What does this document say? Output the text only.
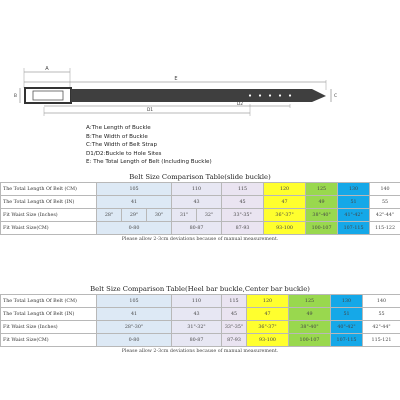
A
E
B	C
D1
D2
A:The Length of Buckle
B:The Width of Buckle
C:The Width of Belt Strap
D1/D2:Buckle to Hole Sites
E: The Total Length of Belt (Including Buckle)
Belt Size Comparison Table(slide buckle)
The Total Length Of Belt (CM)	105			110		115	120	125	130	140
The Total Length Of Belt (IN)	41			43		45	47	49	51	55
Fit Waist Size (Inches)	28"	29"	30"	31"	32"	33"-35"	36"-37"	38"-40"	41"-42"	42"-44"
Fit Waist Size(CM)	0-80			80-87		87-93	93-100	100-107	107-115	115-122
Please allow 2-3cm deviations because of manual measurement.
Belt Size Comparison Table(Heel bar buckle,Center bar buckle)
The Total Length Of Belt (CM)	105	110	115	120	125	130	140
The Total Length Of Belt (IN)	41	43	45	47	49	51	55
Fit Waist Size (Inches)	28"-30"	31"-32"	33"-35"	36"-37"	38"-40"	40"-42"	42"-44"
Fit Waist Size(CM)	0-80	80-87	87-93	93-100	100-107	107-115	115-121
Please allow 2-3cm deviations because of manual measurement.
